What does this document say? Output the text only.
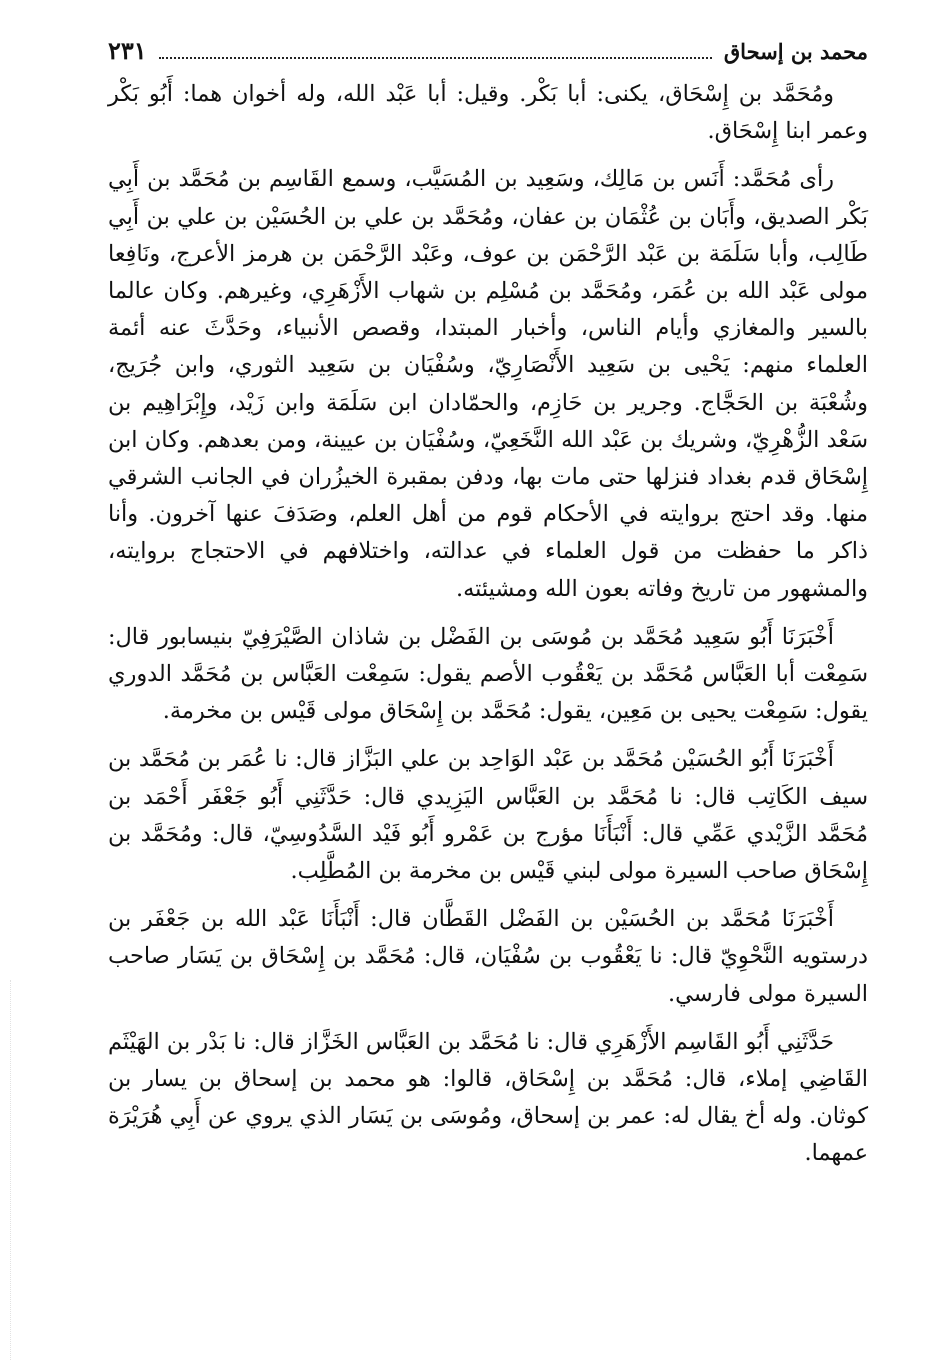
محمد بن إسحاق
٢٣١

ومُحَمَّد بن إِسْحَاق، يكنى: أبا بَكْر. وقيل: أبا عَبْد الله، وله أخوان هما: أَبُو بَكْر وعمر ابنا إِسْحَاق.

رأى مُحَمَّد: أَنَس بن مَالِك، وسَعِيد بن المُسَيَّب، وسمع القَاسِم بن مُحَمَّد بن أَبِي بَكْر الصديق، وأَبَان بن عُثْمَان بن عفان، ومُحَمَّد بن علي بن الحُسَيْن بن علي بن أَبِي طَالِب، وأبا سَلَمَة بن عَبْد الرَّحْمَن بن عوف، وعَبْد الرَّحْمَن بن هرمز الأعرج، ونَافِعا مولى عَبْد الله بن عُمَر، ومُحَمَّد بن مُسْلِم بن شهاب الأَزْهَرِي، وغيرهم. وكان عالما بالسير والمغازي وأيام الناس، وأخبار المبتدا، وقصص الأنبياء، وحَدَّثَ عنه أئمة العلماء منهم: يَحْيى بن سَعِيد الأَنْصَارِيّ، وسُفْيَان بن سَعِيد الثوري، وابن جُرَيج، وشُعْبَة بن الحَجَّاج. وجرير بن حَازِم، والحمّادان ابن سَلَمَة وابن زَيْد، وإِبْرَاهِيم بن سَعْد الزُّهْرِيّ، وشريك بن عَبْد الله النَّخَعِيّ، وسُفْيَان بن عيينة، ومن بعدهم. وكان ابن إِسْحَاق قدم بغداد فنزلها حتى مات بها، ودفن بمقبرة الخيزُران في الجانب الشرقي منها. وقد احتج بروايته في الأحكام قوم من أهل العلم، وصَدَفَ عنها آخرون. وأنا ذاكر ما حفظت من قول العلماء في عدالته، واختلافهم في الاحتجاج بروايته، والمشهور من تاريخ وفاته بعون الله ومشيئته.

أَخْبَرَنَا أَبُو سَعِيد مُحَمَّد بن مُوسَى بن الفَضْل بن شاذان الصَّيْرَفِيّ بنيسابور قال: سَمِعْت أبا العَبَّاس مُحَمَّد بن يَعْقُوب الأصم يقول: سَمِعْت العَبَّاس بن مُحَمَّد الدوري يقول: سَمِعْت يحيى بن مَعِين، يقول: مُحَمَّد بن إِسْحَاق مولى قَيْس بن مخرمة.

أَخْبَرَنَا أَبُو الحُسَيْن مُحَمَّد بن عَبْد الوَاحِد بن علي البَزَّاز قال: نا عُمَر بن مُحَمَّد بن سيف الكَاتِب قال: نا مُحَمَّد بن العَبَّاس اليَزِيدي قال: حَدَّثَنِي أَبُو جَعْفَر أَحْمَد بن مُحَمَّد الزَّيْدي عَمِّي قال: أَنْبَأَنَا مؤرج بن عَمْرو أَبُو فَيْد السَّدُوسِيّ، قال: ومُحَمَّد بن إِسْحَاق صاحب السيرة مولى لبني قَيْس بن مخرمة بن المُطَّلِب.

أَخْبَرَنَا مُحَمَّد بن الحُسَيْن بن الفَضْل القَطَّان قال: أَنْبَأَنَا عَبْد الله بن جَعْفَر بن درستويه النَّحْوِيّ قال: نا يَعْقُوب بن سُفْيَان، قال: مُحَمَّد بن إِسْحَاق بن يَسَار صاحب السيرة مولى فارسي.

حَدَّثَنِي أَبُو القَاسِم الأَزْهَرِي قال: نا مُحَمَّد بن العَبَّاس الخَزَّاز قال: نا بَدْر بن الهَيْثَم القَاضِي إملاء، قال: مُحَمَّد بن إِسْحَاق، قالوا: هو محمد بن إسحاق بن يسار بن كوثان. وله أخ يقال له: عمر بن إسحاق، ومُوسَى بن يَسَار الذي يروي عن أَبِي هُرَيْرَة عمهما.
